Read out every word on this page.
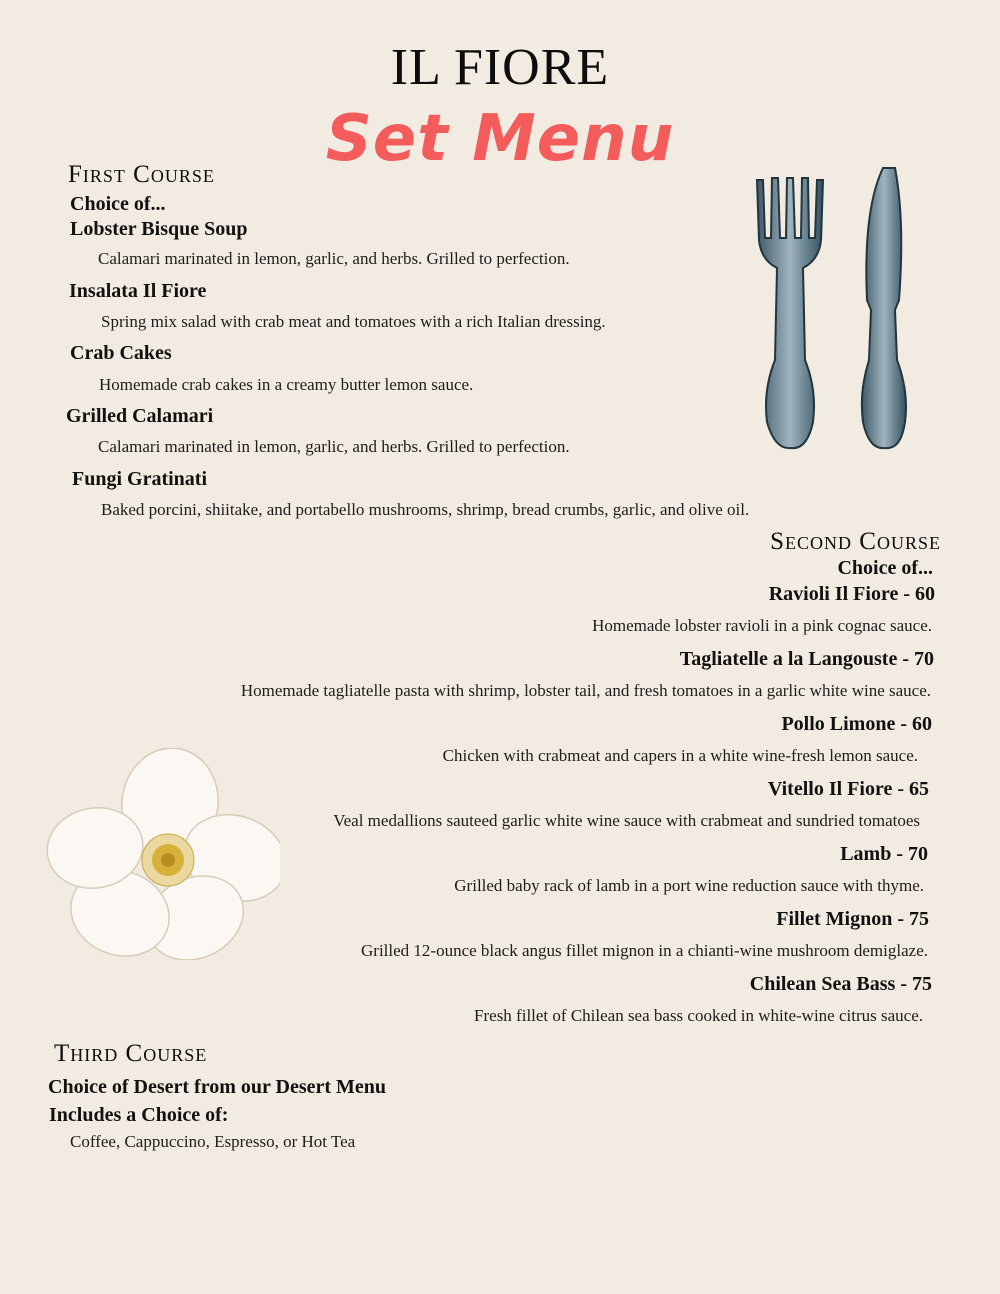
IL FIORE
Set Menu
First Course
Choice of...
Lobster Bisque Soup
Calamari marinated in lemon, garlic, and herbs. Grilled to perfection.
Insalata Il Fiore
Spring mix salad with crab meat and tomatoes with a rich Italian dressing.
Crab Cakes
Homemade crab cakes in a creamy butter lemon sauce.
Grilled Calamari
Calamari marinated in lemon, garlic, and herbs. Grilled to perfection.
Fungi Gratinati
Baked porcini, shiitake, and portabello mushrooms, shrimp, bread crumbs, garlic, and olive oil.
Second Course
Choice of...
Ravioli Il Fiore - 60
Homemade lobster ravioli in a pink cognac sauce.
Tagliatelle a la Langouste - 70
Homemade tagliatelle pasta with shrimp, lobster tail, and fresh tomatoes in a garlic white wine sauce.
Pollo Limone - 60
Chicken with crabmeat and capers in a white wine-fresh lemon sauce.
Vitello Il Fiore - 65
Veal medallions sauteed garlic white wine sauce with crabmeat and sundried tomatoes
Lamb - 70
Grilled baby rack of lamb in a port wine reduction sauce with thyme.
Fillet Mignon - 75
Grilled 12-ounce black angus fillet mignon in a chianti-wine mushroom demiglaze.
Chilean Sea Bass - 75
Fresh fillet of Chilean sea bass cooked in white-wine citrus sauce.
Third Course
Choice of Desert from our Desert Menu
Includes a Choice of:
Coffee, Cappuccino, Espresso, or Hot Tea
